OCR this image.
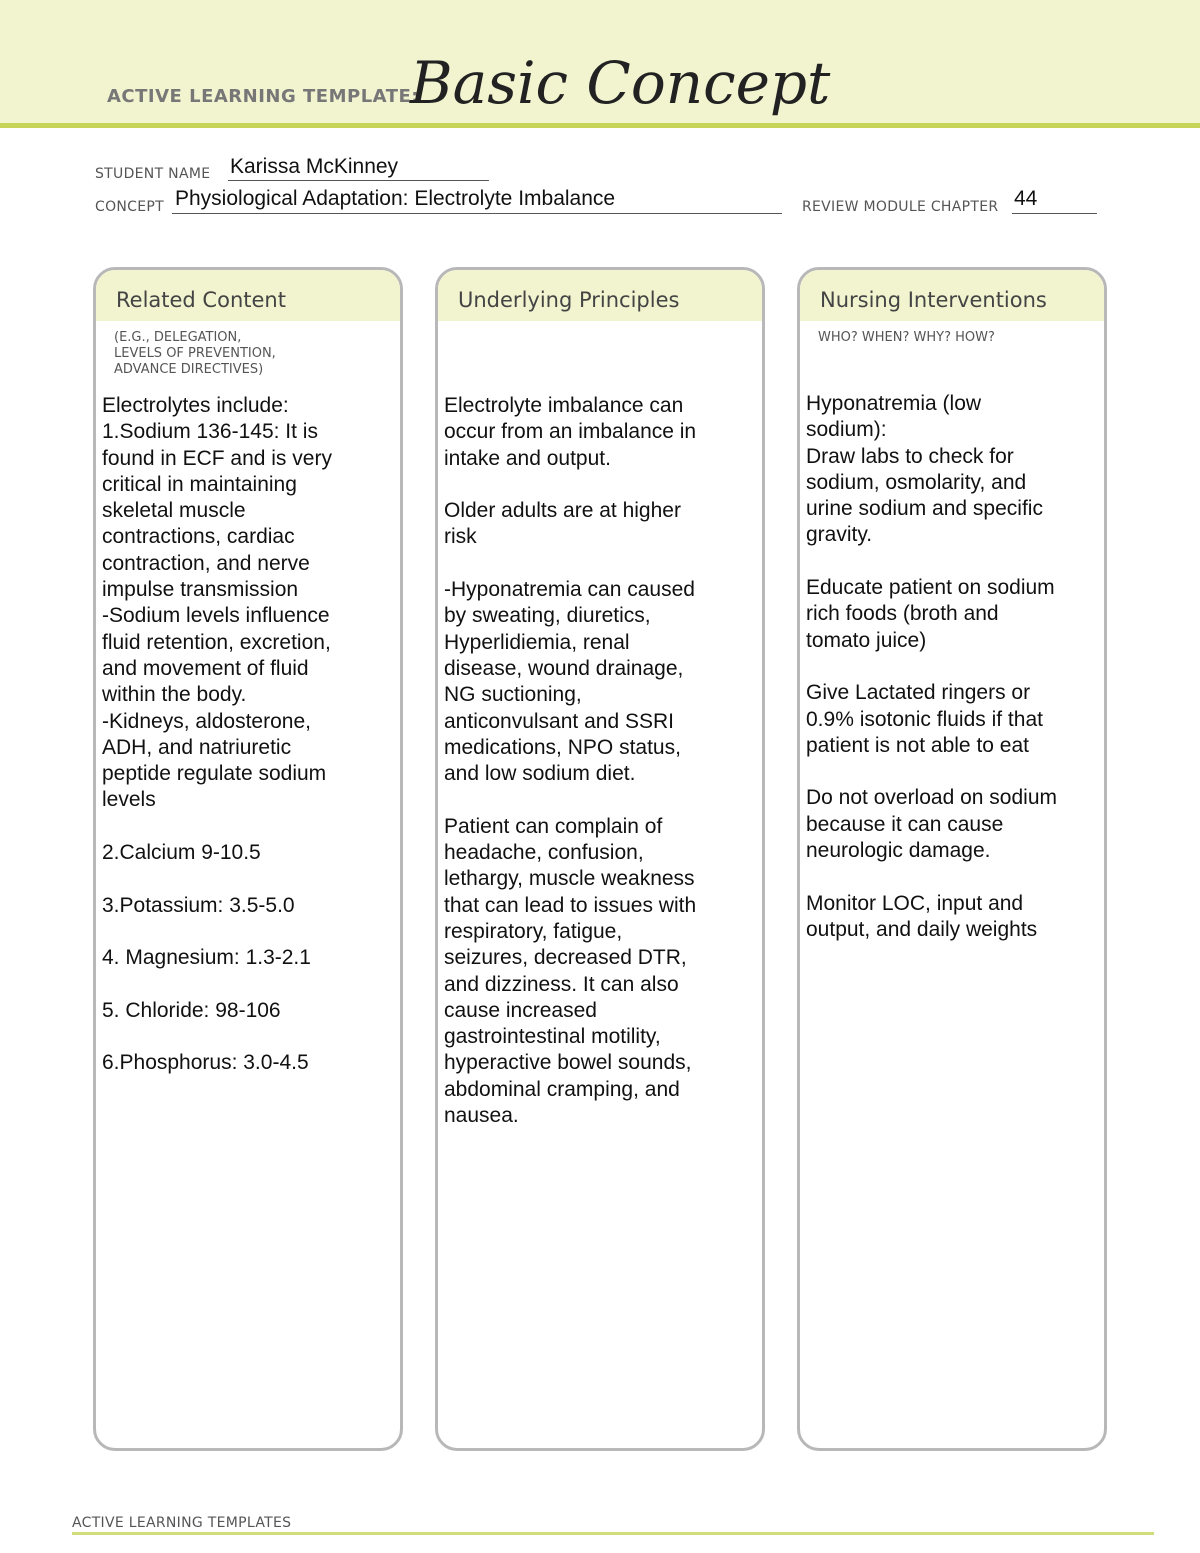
ACTIVE LEARNING TEMPLATE:
Basic Concept
STUDENT NAME Karissa McKinney
CONCEPT Physiological Adaptation: Electrolyte Imbalance	REVIEW MODULE CHAPTER 44
Related Content
(E.G., DELEGATION,
LEVELS OF PREVENTION,
ADVANCE DIRECTIVES)
Electrolytes include:
1.Sodium 136-145: It is
found in ECF and is very
critical in maintaining
skeletal muscle
contractions, cardiac
contraction, and nerve
impulse transmission
-Sodium levels influence
fluid retention, excretion,
and movement of fluid
within the body.
-Kidneys, aldosterone,
ADH, and natriuretic
peptide regulate sodium
levels

2.Calcium 9-10.5

3.Potassium: 3.5-5.0

4. Magnesium: 1.3-2.1

5. Chloride: 98-106

6.Phosphorus: 3.0-4.5
Underlying Principles
Electrolyte imbalance can
occur from an imbalance in
intake and output.

Older adults are at higher
risk

-Hyponatremia can caused
by sweating, diuretics,
Hyperlidiemia, renal
disease, wound drainage,
NG suctioning,
anticonvulsant and SSRI
medications, NPO status,
and low sodium diet.

Patient can complain of
headache, confusion,
lethargy, muscle weakness
that can lead to issues with
respiratory, fatigue,
seizures, decreased DTR,
and dizziness. It can also
cause increased
gastrointestinal motility,
hyperactive bowel sounds,
abdominal cramping, and
nausea.
Nursing Interventions
WHO? WHEN? WHY? HOW?
Hyponatremia (low
sodium):
Draw labs to check for
sodium, osmolarity, and
urine sodium and specific
gravity.

Educate patient on sodium
rich foods (broth and
tomato juice)

Give Lactated ringers or
0.9% isotonic fluids if that
patient is not able to eat

Do not overload on sodium
because it can cause
neurologic damage.

Monitor LOC, input and
output, and daily weights
ACTIVE LEARNING TEMPLATES
